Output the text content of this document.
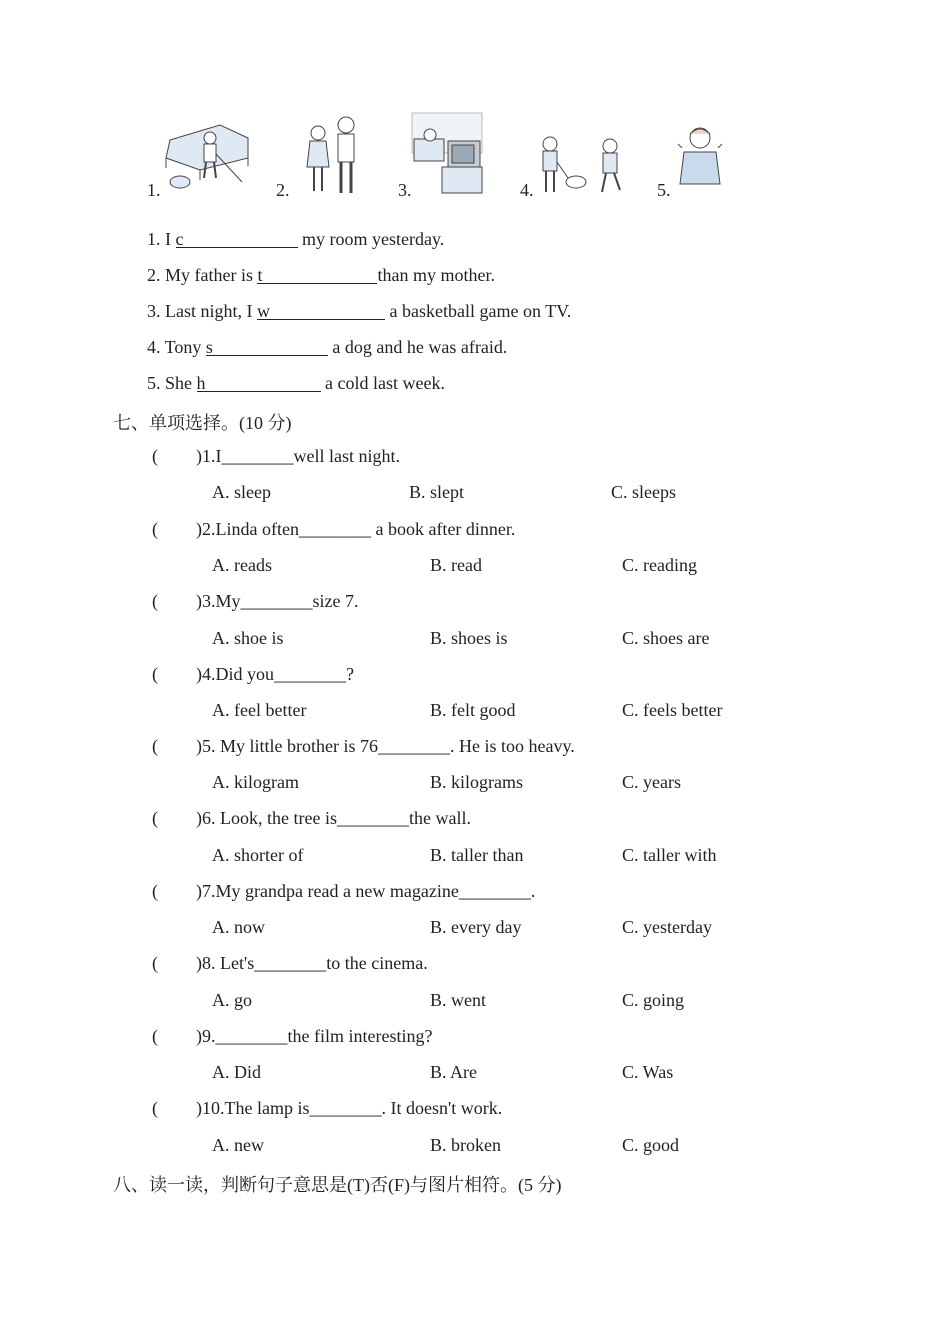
1.	2.	3.	4.	5.
1. I c	my room yesterday.
2. My father is t	than my mother.
3. Last night, I w	a basketball game on TV.
4. Tony s	a dog and he was afraid.
5. She h	a cold last week.
七、单项选择。(10 分)
( )1.I________well last night.
A. sleep	B. slept	C. sleeps
( )2.Linda often________ a book after dinner.
A. reads	B. read	C. reading
( )3.My________size 7.
A. shoe is	B. shoes is	C. shoes are
( )4.Did you________?
A. feel better	B. felt good	C. feels better
( )5. My little brother is 76________. He is too heavy.
A. kilogram	B. kilograms	C. years
( )6. Look, the tree is________the wall.
A. shorter of	B. taller than	C. taller with
( )7.My grandpa read a new magazine________.
A. now	B. every day	C. yesterday
( )8. Let's________to the cinema.
A. go	B. went	C. going
( )9.________the film interesting?
A. Did	B. Are	C. Was
( )10.The lamp is________. It doesn't work.
A. new	B. broken	C. good
八、读一读，判断句子意思是(T)否(F)与图片相符。(5 分)
